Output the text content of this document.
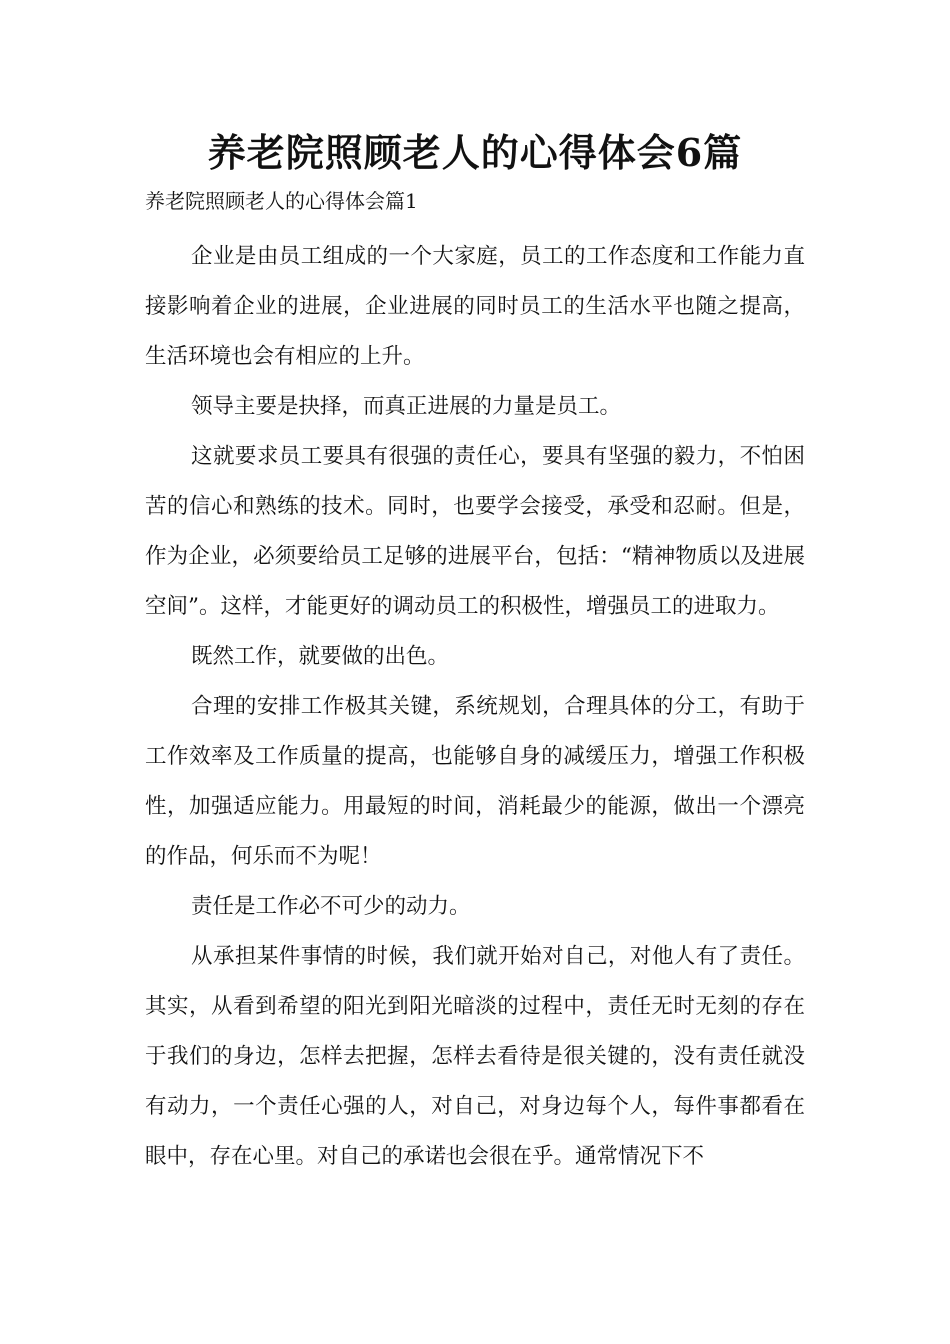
养老院照顾老人的心得体会6篇
养老院照顾老人的心得体会篇1

企业是由员工组成的一个大家庭，员工的工作态度和工作能力直接影响着企业的进展，企业进展的同时员工的生活水平也随之提高，生活环境也会有相应的上升。

领导主要是抉择，而真正进展的力量是员工。

这就要求员工要具有很强的责任心，要具有坚强的毅力，不怕困苦的信心和熟练的技术。同时，也要学会接受，承受和忍耐。但是，作为企业，必须要给员工足够的进展平台，包括：“精神物质以及进展空间”。这样，才能更好的调动员工的积极性，增强员工的进取力。

既然工作，就要做的出色。

合理的安排工作极其关键，系统规划，合理具体的分工，有助于工作效率及工作质量的提高，也能够自身的减缓压力，增强工作积极性，加强适应能力。用最短的时间，消耗最少的能源，做出一个漂亮的作品，何乐而不为呢！

责任是工作必不可少的动力。

从承担某件事情的时候，我们就开始对自己，对他人有了责任。其实，从看到希望的阳光到阳光暗淡的过程中，责任无时无刻的存在于我们的身边，怎样去把握，怎样去看待是很关键的，没有责任就没有动力，一个责任心强的人，对自己，对身边每个人，每件事都看在眼中，存在心里。对自己的承诺也会很在乎。通常情况下不
